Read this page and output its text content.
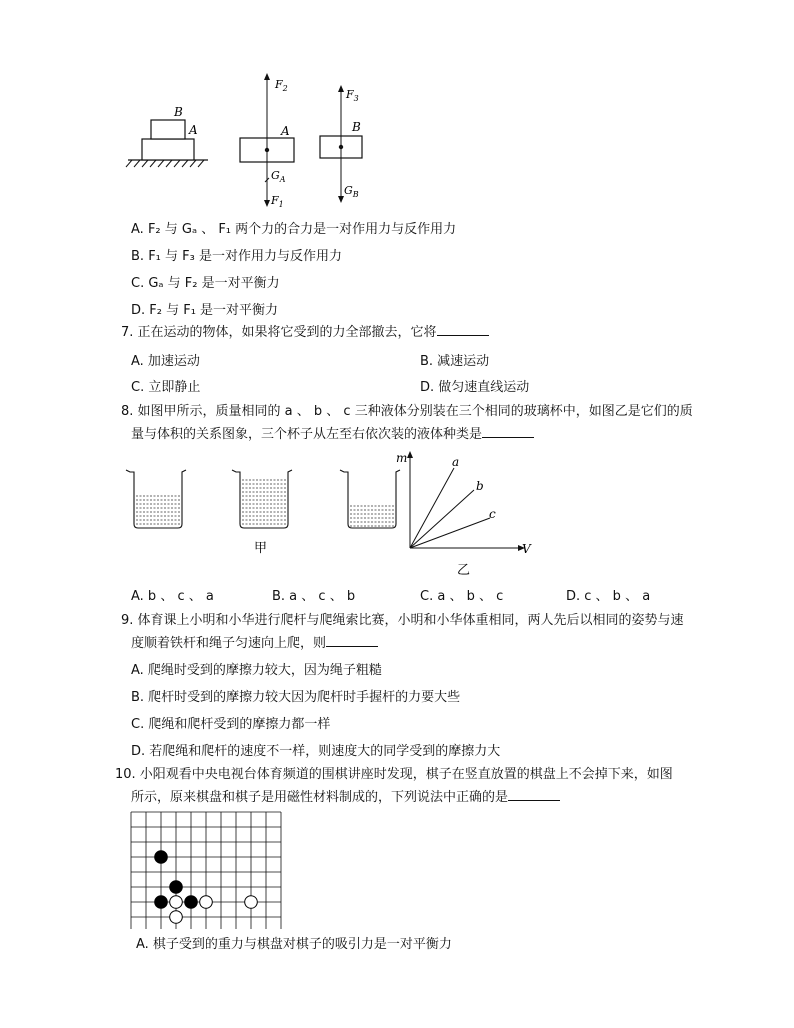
B
A
$F_2$
A
$G_A$
$F_1$
$F_3$
B
$G_B$
A. F₂ 与 Gₐ 、 F₁ 两个力的合力是一对作用力与反作用力
B. F₁ 与 F₃ 是一对作用力与反作用力
C. Gₐ 与 F₂ 是一对平衡力
D. F₂ 与 F₁ 是一对平衡力
7. 正在运动的物体，如果将它受到的力全部撤去，它将
A. 加速运动	B. 减速运动
C. 立即静止	D. 做匀速直线运动
8. 如图甲所示，质量相同的 a 、 b 、 c 三种液体分别装在三个相同的玻璃杯中，如图乙是它们的质
量与体积的关系图象，三个杯子从左至右依次装的液体种类是
甲
m
V
a
b
c
乙
A. b 、 c 、 a	B. a 、 c 、 b	C. a 、 b 、 c	D. c 、 b 、 a
9. 体育课上小明和小华进行爬杆与爬绳索比赛，小明和小华体重相同，两人先后以相同的姿势与速
度顺着铁杆和绳子匀速向上爬，则
A. 爬绳时受到的摩擦力较大，因为绳子粗糙
B. 爬杆时受到的摩擦力较大因为爬杆时手握杆的力要大些
C. 爬绳和爬杆受到的摩擦力都一样
D. 若爬绳和爬杆的速度不一样，则速度大的同学受到的摩擦力大
10. 小阳观看中央电视台体育频道的围棋讲座时发现，棋子在竖直放置的棋盘上不会掉下来，如图
所示，原来棋盘和棋子是用磁性材料制成的，下列说法中正确的是
A. 棋子受到的重力与棋盘对棋子的吸引力是一对平衡力
